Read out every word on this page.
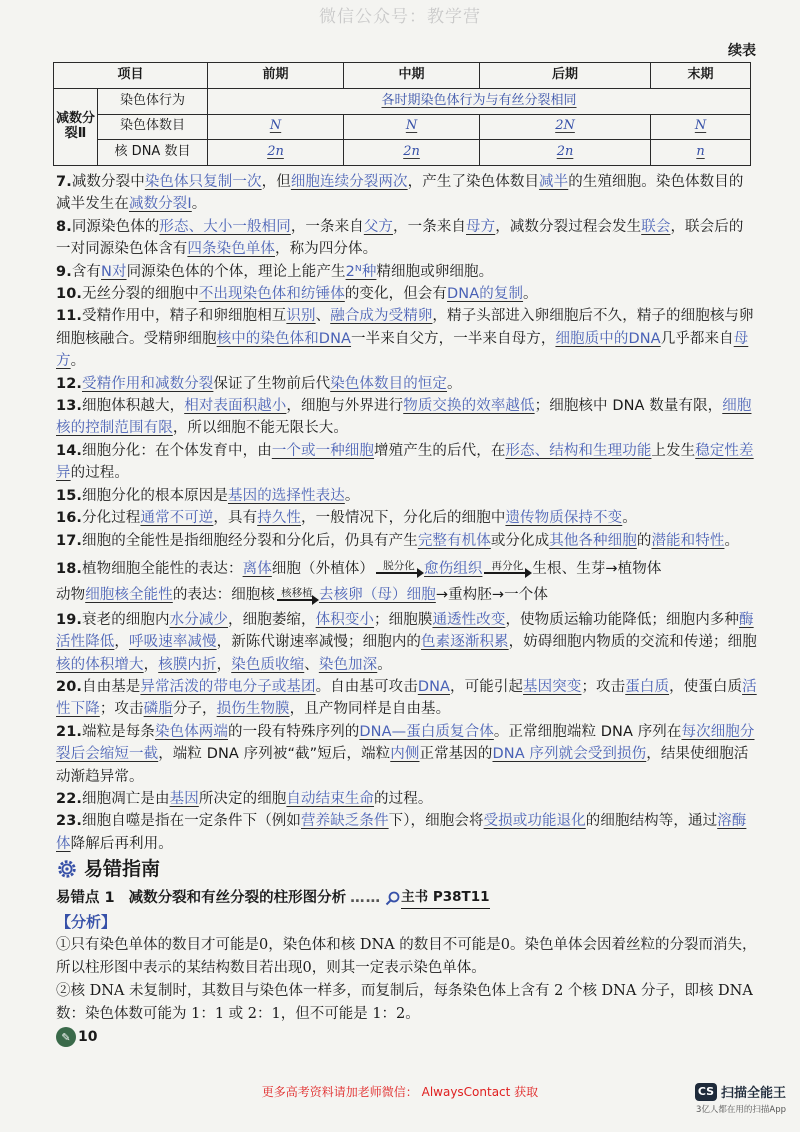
微信公众号：教学营
续表
项目		前期	中期	后期	末期
减数分裂Ⅱ	染色体行为	各时期染色体行为与有丝分裂相同			
	染色体数目	N	N	2N	N
	核 DNA 数目	2n	2n	2n	n

7.减数分裂中染色体只复制一次，但细胞连续分裂两次，产生了染色体数目减半的生殖细胞。染色体数目的减半发生在减数分裂Ⅰ。

8.同源染色体的形态、大小一般相同，一条来自父方，一条来自母方，减数分裂过程会发生联会，联会后的一对同源染色体含有四条染色单体，称为四分体。

9.含有N对同源染色体的个体，理论上能产生2ᴺ种精细胞或卵细胞。

10.无丝分裂的细胞中不出现染色体和纺锤体的变化，但会有DNA的复制。

11.受精作用中，精子和卵细胞相互识别、融合成为受精卵，精子头部进入卵细胞后不久，精子的细胞核与卵细胞核融合。受精卵细胞核中的染色体和DNA一半来自父方，一半来自母方，细胞质中的DNA几乎都来自母方。

12.受精作用和减数分裂保证了生物前后代染色体数目的恒定。

13.细胞体积越大，相对表面积越小，细胞与外界进行物质交换的效率越低；细胞核中 DNA 数量有限，细胞核的控制范围有限，所以细胞不能无限长大。

14.细胞分化：在个体发育中，由一个或一种细胞增殖产生的后代，在形态、结构和生理功能上发生稳定性差异的过程。

15.细胞分化的根本原因是基因的选择性表达。

16.分化过程通常不可逆，具有持久性，一般情况下，分化后的细胞中遗传物质保持不变。

17.细胞的全能性是指细胞经分裂和分化后，仍具有产生完整有机体或分化成其他各种细胞的潜能和特性。

18. 植物细胞全能性的表达： 离体 细胞（外植体） 脱分化 愈伤组织 再分化 生根、生芽→植物体
动物 细胞核全能性 的表达：细胞核 核移植 去核卵（母）细胞 →重构胚→一个体

19.衰老的细胞内水分减少，细胞萎缩，体积变小；细胞膜通透性改变，使物质运输功能降低；细胞内多种酶活性降低，呼吸速率减慢，新陈代谢速率减慢；细胞内的色素逐渐积累，妨碍细胞内物质的交流和传递；细胞核的体积增大，核膜内折，染色质收缩、染色加深。

20.自由基是异常活泼的带电分子或基团。自由基可攻击DNA，可能引起基因突变；攻击蛋白质，使蛋白质活性下降；攻击磷脂分子，损伤生物膜，且产物同样是自由基。

21.端粒是每条染色体两端的一段有特殊序列的DNA—蛋白质复合体。正常细胞端粒 DNA 序列在每次细胞分裂后会缩短一截，端粒 DNA 序列被“截”短后，端粒内侧正常基因的DNA 序列就会受到损伤，结果使细胞活动渐趋异常。

22.细胞凋亡是由基因所决定的细胞自动结束生命的过程。

23.细胞自噬是指在一定条件下（例如营养缺乏条件下），细胞会将受损或功能退化的细胞结构等，通过溶酶体降解后再利用。

易错指南
易错点 1 减数分裂和有丝分裂的柱形图分析 …… 主书 P38T11
【分析】

①只有染色单体的数目才可能是0，染色体和核 DNA 的数目不可能是0。染色单体会因着丝粒的分裂而消失，所以柱形图中表示的某结构数目若出现0，则其一定表示染色单体。

②核 DNA 未复制时，其数目与染色体一样多，而复制后，每条染色体上含有 2 个核 DNA 分子，即核 DNA 数：染色体数可能为 1：1 或 2：1，但不可能是 1：2。

✎ 10
更多高考资料请加老师微信： AlwaysContact 获取	CS 扫描全能王
3亿人都在用的扫描App
